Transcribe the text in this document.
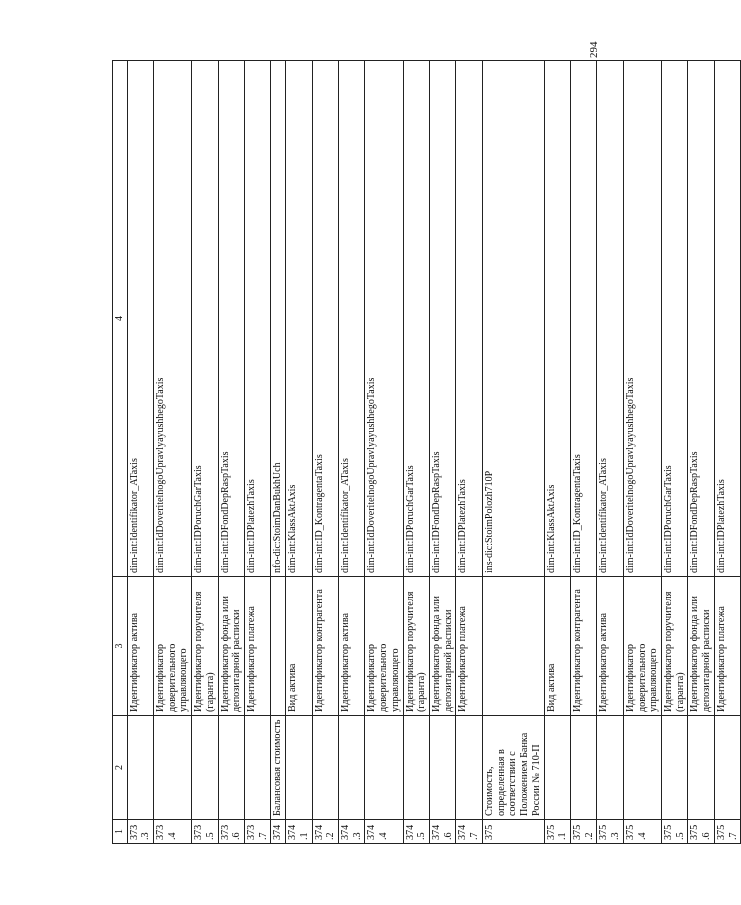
294
1	2	3	4
373.3		Идентификатор актива	dim-int:Identifikator_ATaxis
373.4		Идентификатор доверительного управляющего	dim-int:IdDoveritelnogoUpravlyayushhegoTaxis
373.5		Идентификатор поручителя (гаранта)	dim-int:IDPoruchGarTaxis
373.6		Идентификатор фонда или депозитарной расписки	dim-int:IDFondDepRaspTaxis
373.7		Идентификатор платежа	dim-int:IDPlatezhTaxis
374	Балансовая стоимость		nfo-dic:StoimDanBukhUch
374.1		Вид актива	dim-int:KlassAktAxis
374.2		Идентификатор контрагента	dim-int:ID_KontragentaTaxis
374.3		Идентификатор актива	dim-int:Identifikator_ATaxis
374.4		Идентификатор доверительного управляющего	dim-int:IdDoveritelnogoUpravlyayushhegoTaxis
374.5		Идентификатор поручителя (гаранта)	dim-int:IDPoruchGarTaxis
374.6		Идентификатор фонда или депозитарной расписки	dim-int:IDFondDepRaspTaxis
374.7		Идентификатор платежа	dim-int:IDPlatezhTaxis
375	Стоимость, определенная в соответствии с Положением Банка России № 710-П		ins-dic:StoimPolozh710P
375.1		Вид актива	dim-int:KlassAktAxis
375.2		Идентификатор контрагента	dim-int:ID_KontragentaTaxis
375.3		Идентификатор актива	dim-int:Identifikator_ATaxis
375.4		Идентификатор доверительного управляющего	dim-int:IdDoveritelnogoUpravlyayushhegoTaxis
375.5		Идентификатор поручителя (гаранта)	dim-int:IDPoruchGarTaxis
375.6		Идентификатор фонда или депозитарной расписки	dim-int:IDFondDepRaspTaxis
375.7		Идентификатор платежа	dim-int:IDPlatezhTaxis
